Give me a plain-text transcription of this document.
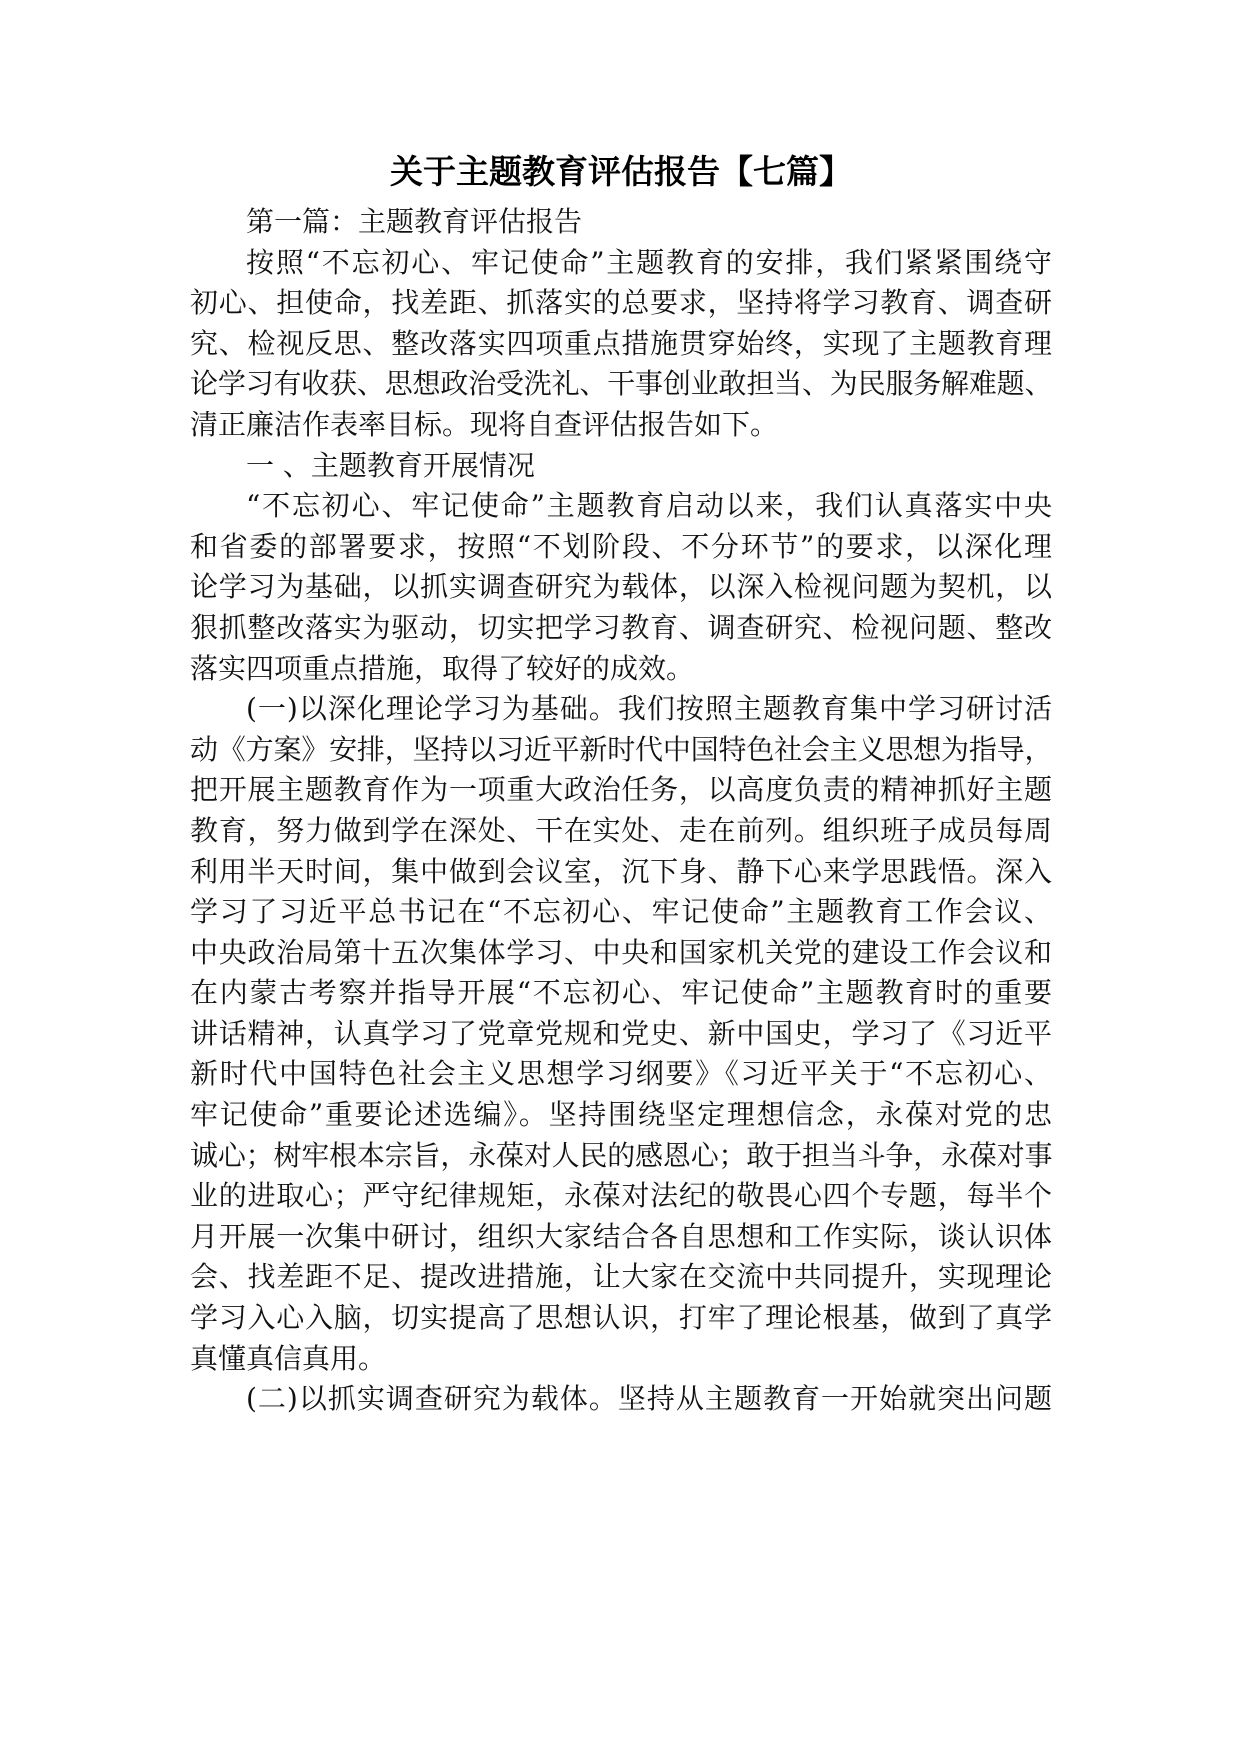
关于主题教育评估报告【七篇】
第一篇：主题教育评估报告
按照“不忘初心、牢记使命”主题教育的安排，我们紧紧围绕守
初心、担使命，找差距、抓落实的总要求，坚持将学习教育、调查研
究、检视反思、整改落实四项重点措施贯穿始终，实现了主题教育理
论学习有收获、思想政治受洗礼、干事创业敢担当、为民服务解难题、
清正廉洁作表率目标。现将自查评估报告如下。
一 、主题教育开展情况
“不忘初心、牢记使命”主题教育启动以来，我们认真落实中央
和省委的部署要求，按照“不划阶段、不分环节”的要求，以深化理
论学习为基础，以抓实调查研究为载体，以深入检视问题为契机，以
狠抓整改落实为驱动，切实把学习教育、调查研究、检视问题、整改
落实四项重点措施，取得了较好的成效。
(一)以深化理论学习为基础。我们按照主题教育集中学习研讨活
动《方案》安排，坚持以习近平新时代中国特色社会主义思想为指导，
把开展主题教育作为一项重大政治任务，以高度负责的精神抓好主题
教育，努力做到学在深处、干在实处、走在前列。组织班子成员每周
利用半天时间，集中做到会议室，沉下身、静下心来学思践悟。深入
学习了习近平总书记在“不忘初心、牢记使命”主题教育工作会议、
中央政治局第十五次集体学习、中央和国家机关党的建设工作会议和
在内蒙古考察并指导开展“不忘初心、牢记使命”主题教育时的重要
讲话精神，认真学习了党章党规和党史、新中国史，学习了《习近平
新时代中国特色社会主义思想学习纲要》《习近平关于“不忘初心、
牢记使命”重要论述选编》。坚持围绕坚定理想信念，永葆对党的忠
诚心；树牢根本宗旨，永葆对人民的感恩心；敢于担当斗争，永葆对事
业的进取心；严守纪律规矩，永葆对法纪的敬畏心四个专题，每半个
月开展一次集中研讨，组织大家结合各自思想和工作实际，谈认识体
会、找差距不足、提改进措施，让大家在交流中共同提升，实现理论
学习入心入脑，切实提高了思想认识，打牢了理论根基，做到了真学
真懂真信真用。
(二)以抓实调查研究为载体。坚持从主题教育一开始就突出问题
